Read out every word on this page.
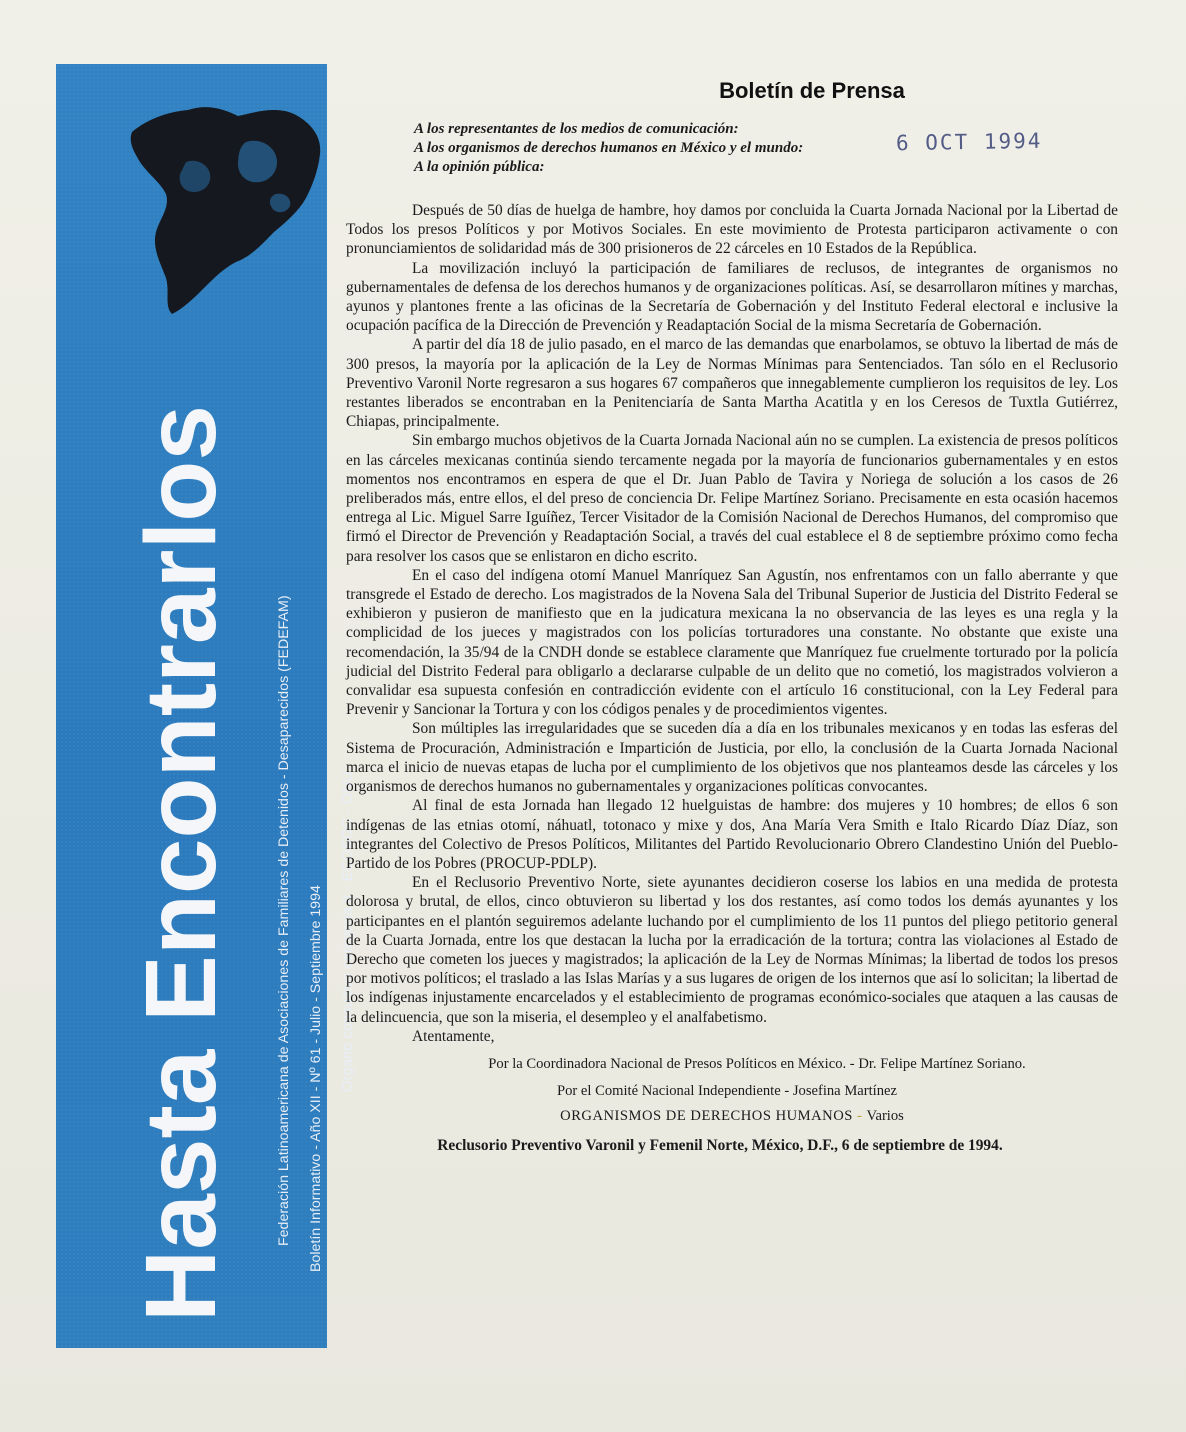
Hasta Encontrarlos	Federación Latinoamericana de Asociaciones de Familiares de Detenidos - Desaparecidos (FEDEFAM) Boletín Informativo - Año XII - Nº 61 - Julio - Septiembre 1994 Organo consultivo categoría II - ECOSOC - ONU
6 OCT 1994
Boletín de Prensa
A los representantes de los medios de comunicación:
A los organismos de derechos humanos en México y el mundo:
A la opinión pública:

Después de 50 días de huelga de hambre, hoy damos por concluida la Cuarta Jornada Nacional por la Libertad de Todos los presos Políticos y por Motivos Sociales. En este movimiento de Protesta participaron activamente o con pronunciamientos de solidaridad más de 300 prisioneros de 22 cárceles en 10 Estados de la República.

La movilización incluyó la participación de familiares de reclusos, de integrantes de organismos no gubernamentales de defensa de los derechos humanos y de organizaciones políticas. Así, se desarrollaron mítines y marchas, ayunos y plantones frente a las oficinas de la Secretaría de Gobernación y del Instituto Federal electoral e inclusive la ocupación pacífica de la Dirección de Prevención y Readaptación Social de la misma Secretaría de Gobernación.

A partir del día 18 de julio pasado, en el marco de las demandas que enarbolamos, se obtuvo la libertad de más de 300 presos, la mayoría por la aplicación de la Ley de Normas Mínimas para Sentenciados. Tan sólo en el Reclusorio Preventivo Varonil Norte regresaron a sus hogares 67 compañeros que innegablemente cumplieron los requisitos de ley. Los restantes liberados se encontraban en la Penitenciaría de Santa Martha Acatitla y en los Ceresos de Tuxtla Gutiérrez, Chiapas, principalmente.

Sin embargo muchos objetivos de la Cuarta Jornada Nacional aún no se cumplen. La existencia de presos políticos en las cárceles mexicanas continúa siendo tercamente negada por la mayoría de funcionarios gubernamentales y en estos momentos nos encontramos en espera de que el Dr. Juan Pablo de Tavira y Noriega de solución a los casos de 26 preliberados más, entre ellos, el del preso de conciencia Dr. Felipe Martínez Soriano. Precisamente en esta ocasión hacemos entrega al Lic. Miguel Sarre Iguíñez, Tercer Visitador de la Comisión Nacional de Derechos Humanos, del compromiso que firmó el Director de Prevención y Readaptación Social, a través del cual establece el 8 de septiembre próximo como fecha para resolver los casos que se enlistaron en dicho escrito.

En el caso del indígena otomí Manuel Manríquez San Agustín, nos enfrentamos con un fallo aberrante y que transgrede el Estado de derecho. Los magistrados de la Novena Sala del Tribunal Superior de Justicia del Distrito Federal se exhibieron y pusieron de manifiesto que en la judicatura mexicana la no observancia de las leyes es una regla y la complicidad de los jueces y magistrados con los policías torturadores una constante. No obstante que existe una recomendación, la 35/94 de la CNDH donde se establece claramente que Manríquez fue cruelmente torturado por la policía judicial del Distrito Federal para obligarlo a declararse culpable de un delito que no cometió, los magistrados volvieron a convalidar esa supuesta confesión en contradicción evidente con el artículo 16 constitucional, con la Ley Federal para Prevenir y Sancionar la Tortura y con los códigos penales y de procedimientos vigentes.

Son múltiples las irregularidades que se suceden día a día en los tribunales mexicanos y en todas las esferas del Sistema de Procuración, Administración e Impartición de Justicia, por ello, la conclusión de la Cuarta Jornada Nacional marca el inicio de nuevas etapas de lucha por el cumplimiento de los objetivos que nos planteamos desde las cárceles y los organismos de derechos humanos no gubernamentales y organizaciones políticas convocantes.

Al final de esta Jornada han llegado 12 huelguistas de hambre: dos mujeres y 10 hombres; de ellos 6 son indígenas de las etnias otomí, náhuatl, totonaco y mixe y dos, Ana María Vera Smith e Italo Ricardo Díaz Díaz, son integrantes del Colectivo de Presos Políticos, Militantes del Partido Revolucionario Obrero Clandestino Unión del Pueblo-Partido de los Pobres (PROCUP-PDLP).

En el Reclusorio Preventivo Norte, siete ayunantes decidieron coserse los labios en una medida de protesta dolorosa y brutal, de ellos, cinco obtuvieron su libertad y los dos restantes, así como todos los demás ayunantes y los participantes en el plantón seguiremos adelante luchando por el cumplimiento de los 11 puntos del pliego petitorio general de la Cuarta Jornada, entre los que destacan la lucha por la erradicación de la tortura; contra las violaciones al Estado de Derecho que cometen los jueces y magistrados; la aplicación de la Ley de Normas Mínimas; la libertad de todos los presos por motivos políticos; el traslado a las Islas Marías y a sus lugares de origen de los internos que así lo solicitan; la libertad de los indígenas injustamente encarcelados y el establecimiento de programas económico-sociales que ataquen a las causas de la delincuencia, que son la miseria, el desempleo y el analfabetismo.

Atentamente,
Por la Coordinadora Nacional de Presos Políticos en México. - Dr. Felipe Martínez Soriano.
Por el Comité Nacional Independiente - Josefina Martínez
ORGANISMOS DE DERECHOS HUMANOS - Varios
Reclusorio Preventivo Varonil y Femenil Norte, México, D.F., 6 de septiembre de 1994.
